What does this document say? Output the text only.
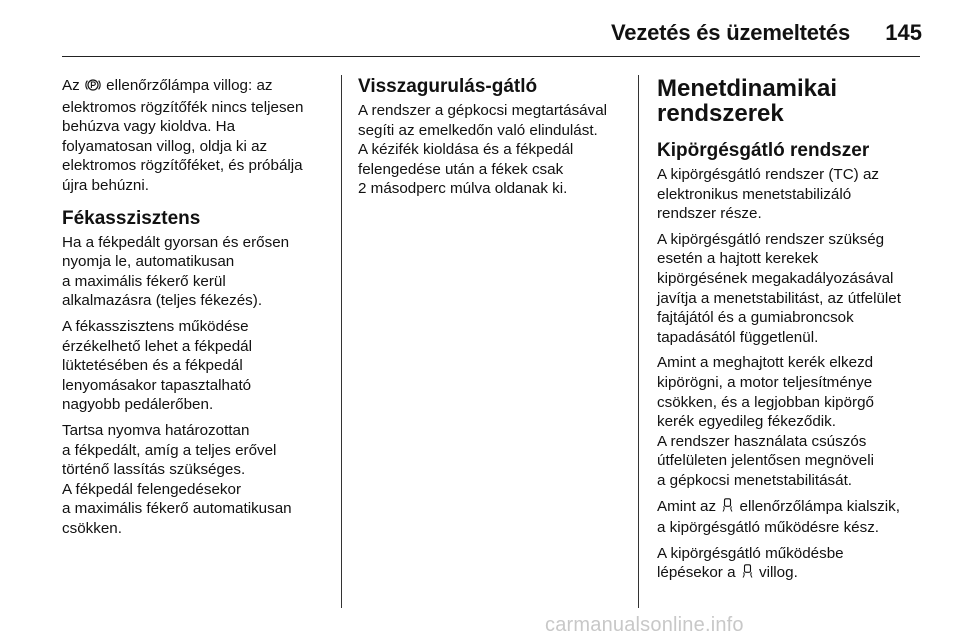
Vezetés és üzemeltetés 145

Az  ellenőrzőlámpa villog: az
elektromos rögzítőfék nincs teljesen
behúzva vagy kioldva. Ha
folyamatosan villog, oldja ki az
elektromos rögzítőféket, és próbálja
újra behúzni.

Fékasszisztens

Ha a fékpedált gyorsan és erősen
nyomja le, automatikusan
a maximális fékerő kerül
alkalmazásra (teljes fékezés).

A fékasszisztens működése
érzékelhető lehet a fékpedál
lüktetésében és a fékpedál
lenyomásakor tapasztalható
nagyobb pedálerőben.

Tartsa nyomva határozottan
a fékpedált, amíg a teljes erővel
történő lassítás szükséges.
A fékpedál felengedésekor
a maximális fékerő automatikusan
csökken.

Visszagurulás-gátló

A rendszer a gépkocsi megtartásával
segíti az emelkedőn való elindulást.
A kézifék kioldása és a fékpedál
felengedése után a fékek csak
2 másodperc múlva oldanak ki.

Menetdinamikai
rendszerek
Kipörgésgátló rendszer

A kipörgésgátló rendszer (TC) az
elektronikus menetstabilizáló
rendszer része.

A kipörgésgátló rendszer szükség
esetén a hajtott kerekek
kipörgésének megakadályozásával
javítja a menetstabilitást, az útfelület
fajtájától és a gumiabroncsok
tapadásától függetlenül.

Amint a meghajtott kerék elkezd
kipörögni, a motor teljesítménye
csökken, és a legjobban kipörgő
kerék egyedileg fékeződik.
A rendszer használata csúszós
útfelületen jelentősen megnöveli
a gépkocsi menetstabilitását.

Amint az  ellenőrzőlámpa kialszik,
a kipörgésgátló működésre kész.

A kipörgésgátló működésbe
lépésekor a  villog.

carmanualsonline.info
